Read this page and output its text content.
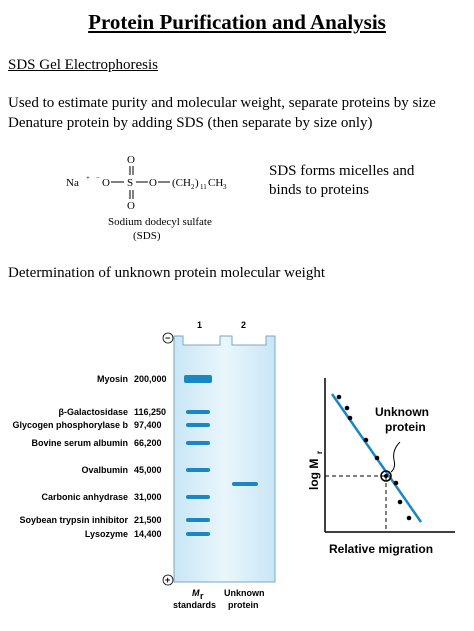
Protein Purification and Analysis
SDS Gel Electrophoresis
Used to estimate purity and molecular weight, separate proteins by size
Denature protein by adding SDS (then separate by size only)
O
Na + − O S O (CH 2 ) 11 CH 3
O
Sodium dodecyl sulfate
(SDS)
SDS forms micelles and
binds to proteins
Determination of unknown protein molecular weight
1	2
−
+
Myosin 200,000
β-Galactosidase 116,250
Glycogen phosphorylase b 97,400
Bovine serum albumin 66,200
Ovalbumin 45,000
Carbonic anhydrase 31,000
Soybean trypsin inhibitor 21,500
Lysozyme 14,400
M r
standards
Unknown
protein
Unknown
protein
log M
r
Relative migration
